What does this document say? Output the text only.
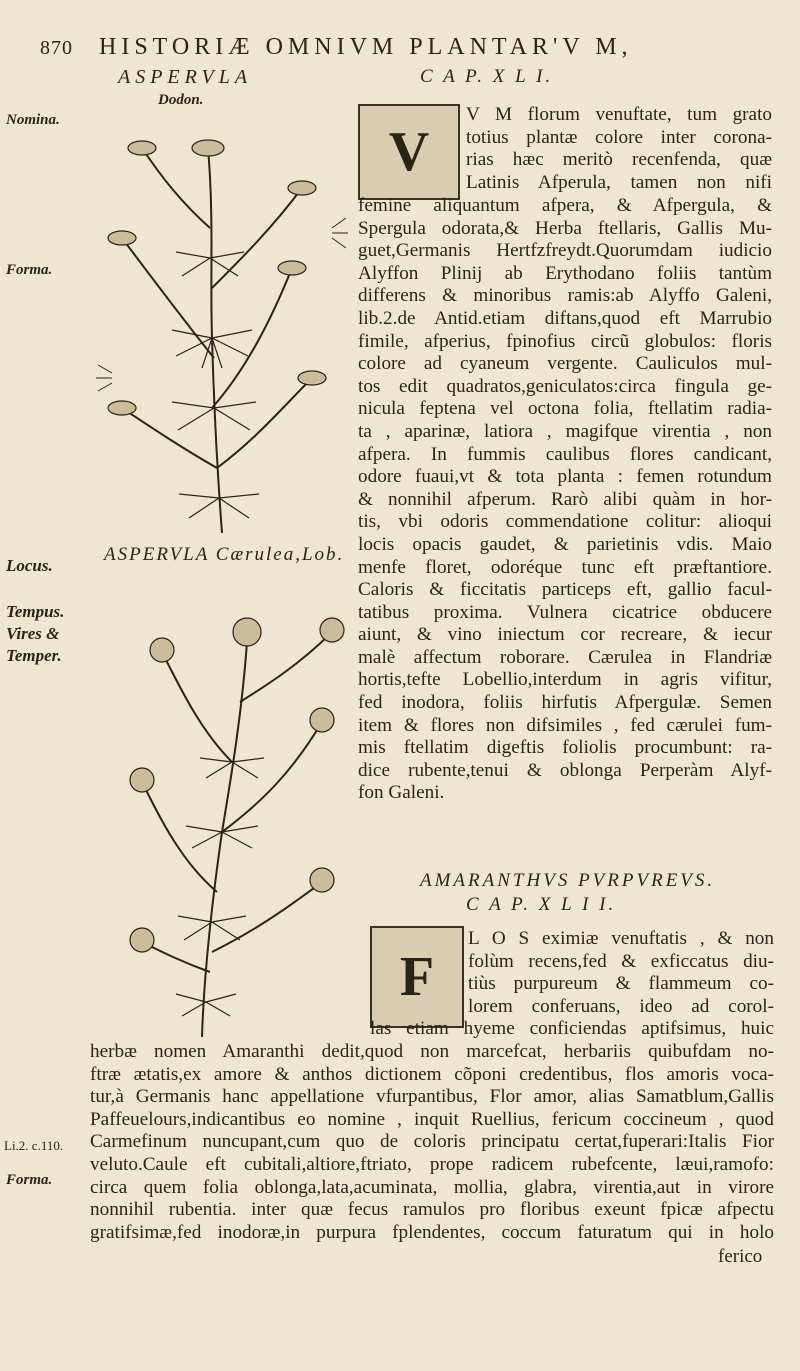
870 HISTORIÆ OMNIVM PLANTAR'V M,
ASPERVLA
Dodon.
C A P. X L I.
Nomina.
Forma.
Locus.
Tempus.
Vires &
Temper.
Li.2. c.110.
Forma.
ASPERVLA Cærulea,Lob.
V
V M florum venuftate, tum grato
totius plantæ colore inter corona-
rias hæc meritò recenfenda, quæ
Latinis Afperula, tamen non nifi
femine aliquantum afpera, & Afpergula, &
Spergula odorata,& Herba ftellaris, Gallis Mu-
guet,Germanis Hertfzfreydt.Quorumdam iudicio
Alyffon Plinij ab Erythodano foliis tantùm
differens & minoribus ramis:ab Alyffo Galeni,
lib.2.de Antid.etiam diftans,quod eft Marrubio
fimile, afperius, fpinofius circũ globulos: floris
colore ad cyaneum vergente. Cauliculos mul-
tos edit quadratos,geniculatos:circa fingula ge-
nicula feptena vel octona folia, ftellatim radia-
ta , aparinæ, latiora , magifque virentia , non
afpera. In fummis caulibus flores candicant,
odore fuaui,vt & tota planta : femen rotundum
& nonnihil afperum. Rarò alibi quàm in hor-
tis, vbi odoris commendatione colitur: alioqui
locis opacis gaudet, & parietinis vdis. Maio
menfe floret, odoréque tunc eft præftantiore.
Caloris & ficcitatis particeps eft, gallio facul-
tatibus proxima. Vulnera cicatrice obducere
aiunt, & vino iniectum cor recreare, & iecur
malè affectum roborare. Cærulea in Flandriæ
hortis,tefte Lobellio,interdum in agris vifitur,
fed inodora, foliis hirfutis Afpergulæ. Semen
item & flores non difsimiles , fed cærulei fum-
mis ftellatim digeftis foliolis procumbunt: ra-
dice rubente,tenui & oblonga Perperàm Alyf-
fon Galeni.
AMARANTHVS PVRPVREVS.
C A P. X L I I.
F
L O S eximiæ venuftatis , & non
folùm recens,fed & exficcatus diu-
tiùs purpureum & flammeum co-
lorem conferuans, ideo ad corol-
las etiam hyeme conficiendas aptifsimus, huic
herbæ nomen Amaranthi dedit,quod non marcefcat, herbariis quibufdam no-
ftræ ætatis,ex amore & anthos dictionem cõponi credentibus, flos amoris voca-
tur,à Germanis hanc appellatione vfurpantibus, Flor amor, alias Samatblum,Gallis
Paffeuelours,indicantibus eo nomine , inquit Ruellius, fericum coccineum , quod
Carmefinum nuncupant,cum quo de coloris principatu certat,fuperari:Italis Fior
veluto.Caule eft cubitali,altiore,ftriato, prope radicem rubefcente, læui,ramofo:
circa quem folia oblonga,lata,acuminata, mollia, glabra, virentia,aut in virore
nonnihil rubentia. inter quæ fecus ramulos pro floribus exeunt fpicæ afpectu
gratifsimæ,fed inodoræ,in purpura fplendentes, coccum faturatum qui in holo
ferico
